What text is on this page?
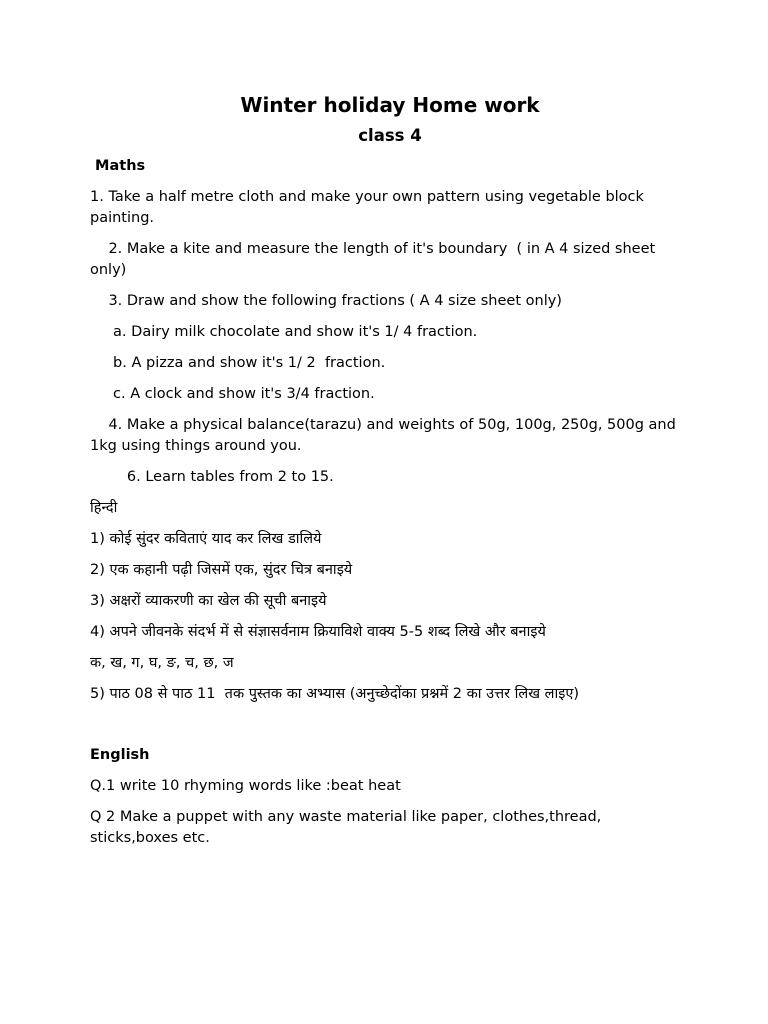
Winter holiday Home work
class 4
Maths
1. Take a half metre cloth and make your own pattern using vegetable block painting.
2. Make a kite and measure the length of it's boundary  ( in A 4 sized sheet only)
3. Draw and show the following fractions ( A 4 size sheet only)
a. Dairy milk chocolate and show it's 1/ 4 fraction.
b. A pizza and show it's 1/ 2  fraction.
c. A clock and show it's 3/4 fraction.
4. Make a physical balance(tarazu) and weights of 50g, 100g, 250g, 500g and 1kg using things around you.
6. Learn tables from 2 to 15.
हिन्दी
1) कोई सुंदर कविताएं याद कर लिख डालिये
2) एक कहानी पढ़ी जिसमें एक, सुंदर चित्र बनाइये
3) अक्षरों व्याकरणी का खेल की सूची बनाइये
4) अपने जीवनके संदर्भ में से संज्ञासर्वनाम क्रियाविशे वाक्य 5-5 शब्द लिखे और बनाइये
क, ख, ग, घ, ङ, च, छ, ज
5) पाठ 08 से पाठ 11  तक पुस्तक का अभ्यास (अनुच्छेदोंका प्रश्नमें 2 का उत्तर लिख लाइए)
English
Q.1 write 10 rhyming words like :beat heat
Q 2 Make a puppet with any waste material like paper, clothes,thread, sticks,boxes etc.
